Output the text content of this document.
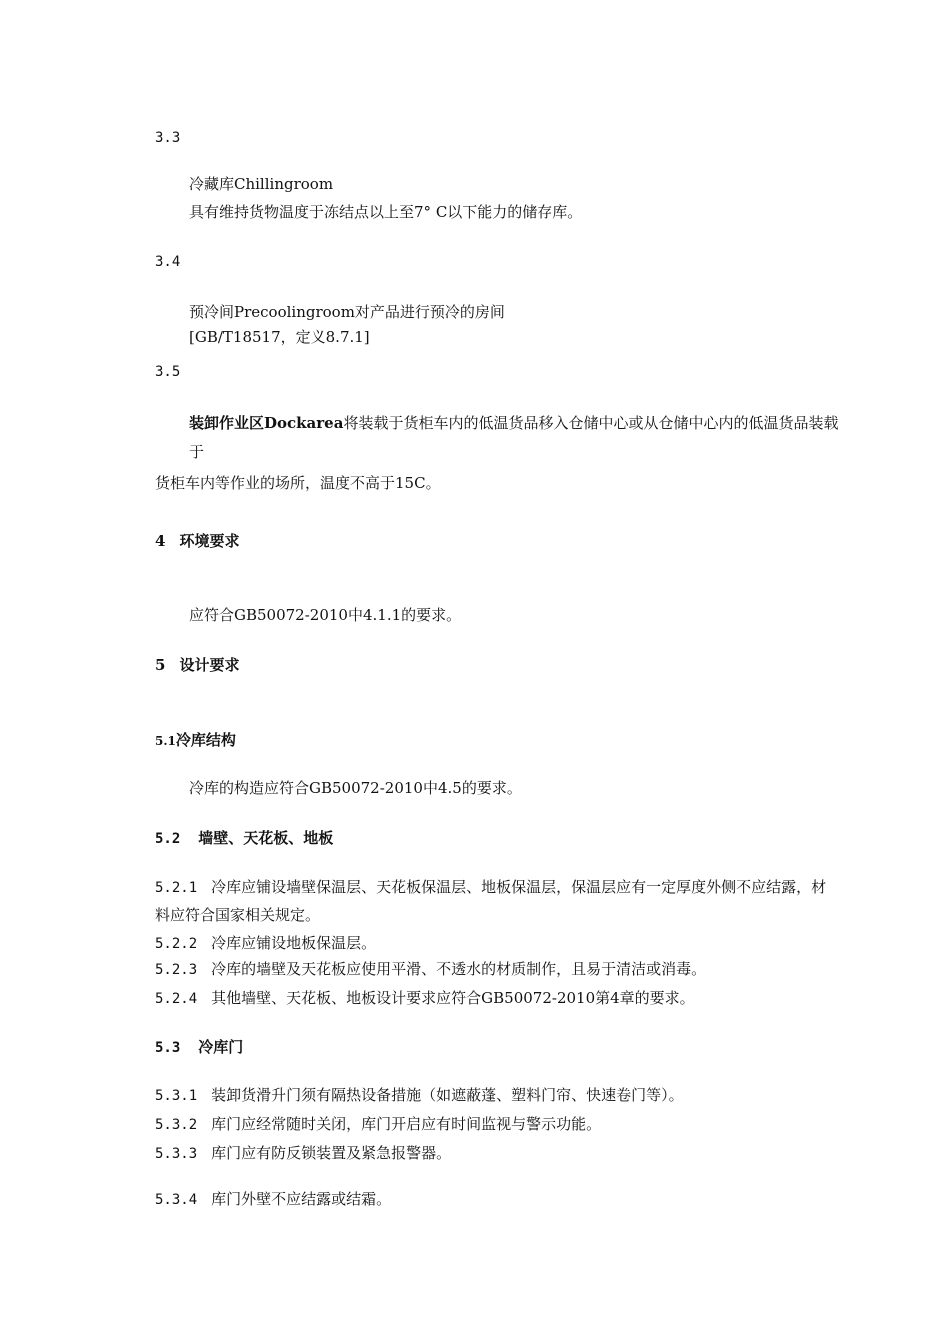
3.3
冷藏库Chillingroom
具有维持货物温度于冻结点以上至7° C以下能力的储存库。
3.4
预冷间Precoolingroom对产品进行预冷的房间
[GB/T18517，定义8.7.1]
3.5
装卸作业区Dockarea将装载于货柜车内的低温货品移入仓储中心或从仓储中心内的低温货品装载
于
货柜车内等作业的场所，温度不高于15C。
4 环境要求
应符合GB50072-2010中4.1.1的要求。
5 设计要求
5.1冷库结构
冷库的构造应符合GB50072-2010中4.5的要求。
5.2 墙壁、天花板、地板
5.2.1 冷库应铺设墙壁保温层、天花板保温层、地板保温层，保温层应有一定厚度外侧不应结露，材
料应符合国家相关规定。
5.2.2 冷库应铺设地板保温层。
5.2.3 冷库的墙壁及天花板应使用平滑、不透水的材质制作，且易于清洁或消毒。
5.2.4 其他墙壁、天花板、地板设计要求应符合GB50072-2010第4章的要求。
5.3 冷库门
5.3.1 装卸货滑升门须有隔热设备措施（如遮蔽蓬、塑料门帘、快速卷门等）。
5.3.2 库门应经常随时关闭，库门开启应有时间监视与警示功能。
5.3.3 库门应有防反锁装置及紧急报警器。
5.3.4 库门外壁不应结露或结霜。
